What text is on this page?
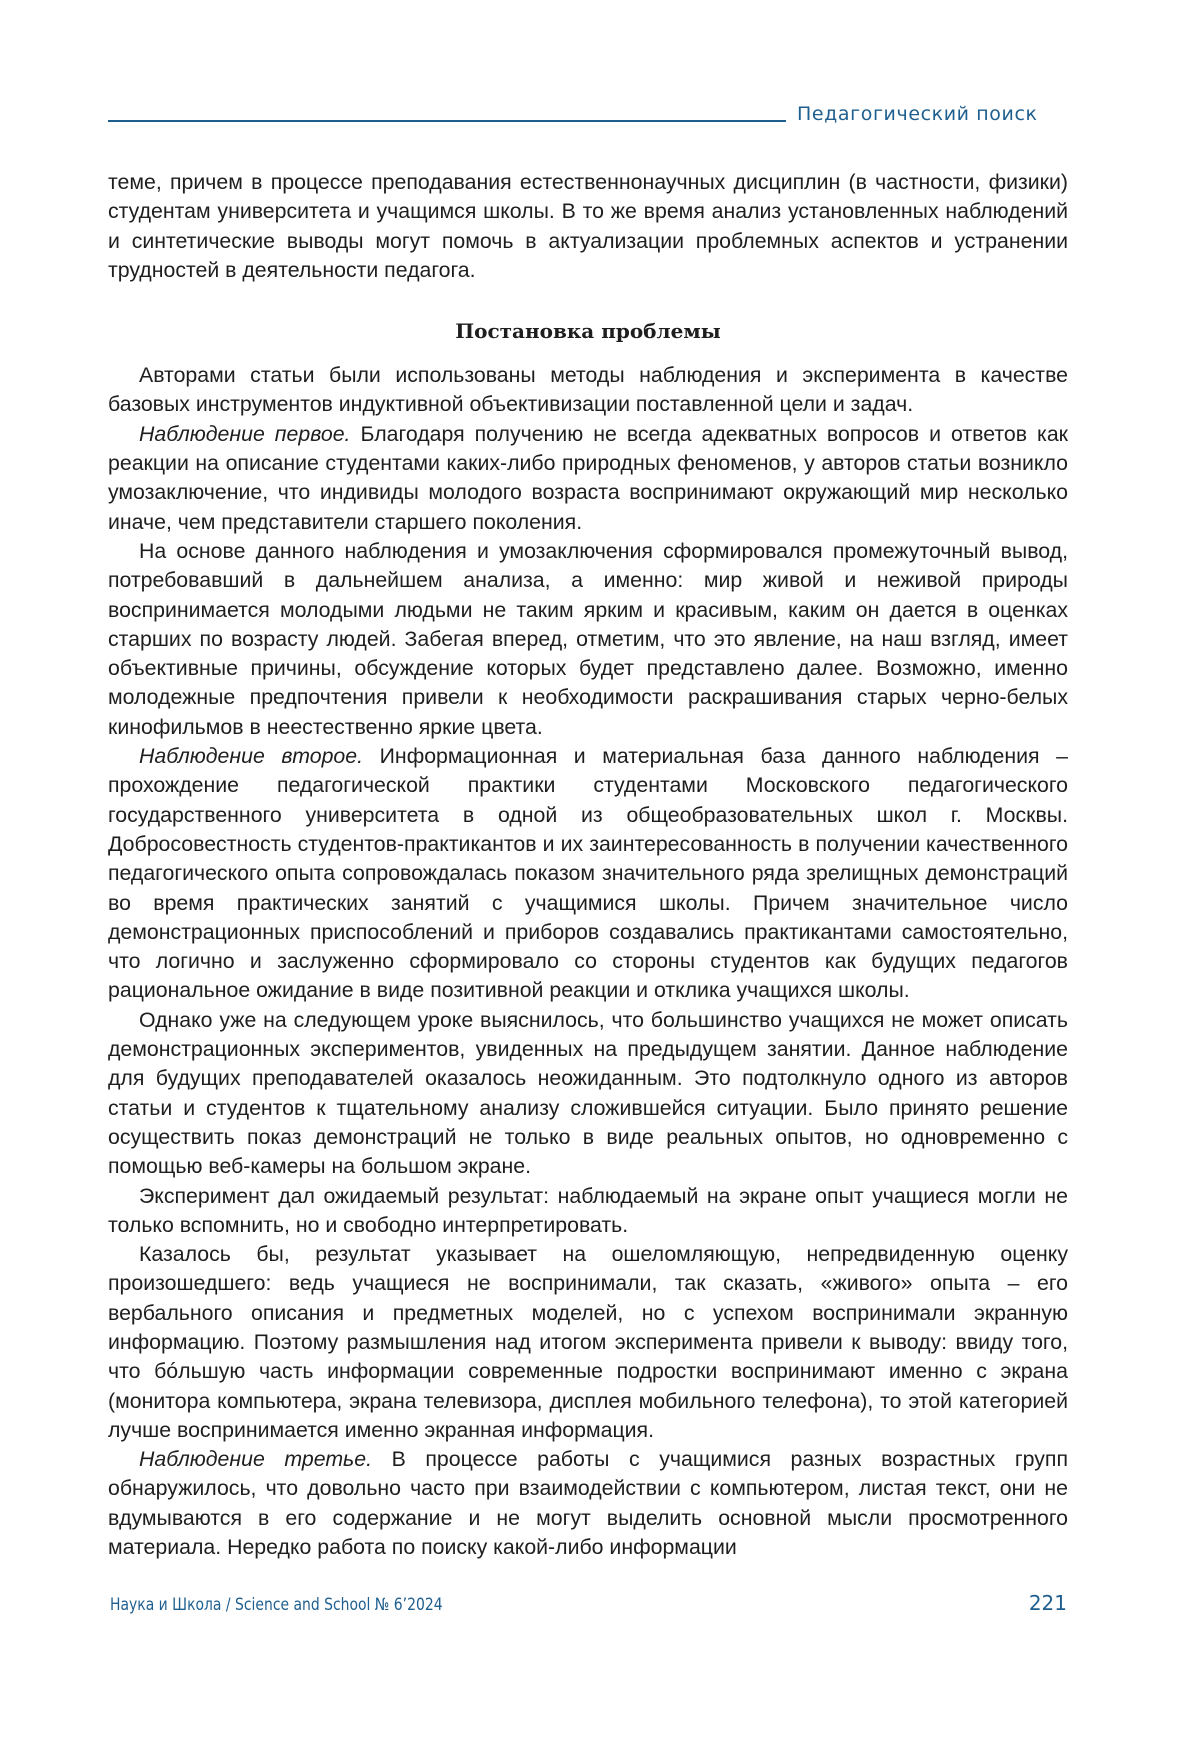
Педагогический поиск

теме, причем в процессе преподавания естественнонаучных дисциплин (в частности, физики) студентам университета и учащимся школы. В то же время анализ установленных наблюдений и синтетические выводы могут помочь в актуализации проблемных аспектов и устранении трудностей в деятельности педагога.

Постановка проблемы

Авторами статьи были использованы методы наблюдения и эксперимента в качестве базовых инструментов индуктивной объективизации поставленной цели и задач.

Наблюдение первое. Благодаря получению не всегда адекватных вопросов и ответов как реакции на описание студентами каких-либо природных феноменов, у авторов статьи возникло умозаключение, что индивиды молодого возраста воспринимают окружающий мир несколько иначе, чем представители старшего поколения.

На основе данного наблюдения и умозаключения сформировался промежуточный вывод, потребовавший в дальнейшем анализа, а именно: мир живой и неживой природы воспринимается молодыми людьми не таким ярким и красивым, каким он дается в оценках старших по возрасту людей. Забегая вперед, отметим, что это явление, на наш взгляд, имеет объективные причины, обсуждение которых будет представлено далее. Возможно, именно молодежные предпочтения привели к необходимости раскрашивания старых черно-белых кинофильмов в неестественно яркие цвета.

Наблюдение второе. Информационная и материальная база данного наблюдения – прохождение педагогической практики студентами Московского педагогического государственного университета в одной из общеобразовательных школ г. Москвы. Добросовестность студентов-практикантов и их заинтересованность в получении качественного педагогического опыта сопровождалась показом значительного ряда зрелищных демонстраций во время практических занятий с учащимися школы. Причем значительное число демонстрационных приспособлений и приборов создавались практикантами самостоятельно, что логично и заслуженно сформировало со стороны студентов как будущих педагогов рациональное ожидание в виде позитивной реакции и отклика учащихся школы.

Однако уже на следующем уроке выяснилось, что большинство учащихся не может описать демонстрационных экспериментов, увиденных на предыдущем занятии. Данное наблюдение для будущих преподавателей оказалось неожиданным. Это подтолкнуло одного из авторов статьи и студентов к тщательному анализу сложившейся ситуации. Было принято решение осуществить показ демонстраций не только в виде реальных опытов, но одновременно с помощью веб-камеры на большом экране.

Эксперимент дал ожидаемый результат: наблюдаемый на экране опыт учащиеся могли не только вспомнить, но и свободно интерпретировать.

Казалось бы, результат указывает на ошеломляющую, непредвиденную оценку произошедшего: ведь учащиеся не воспринимали, так сказать, «живого» опыта – его вербального описания и предметных моделей, но с успехом воспринимали экранную информацию. Поэтому размышления над итогом эксперимента привели к выводу: ввиду того, что бóльшую часть информации современные подростки воспринимают именно с экрана (монитора компьютера, экрана телевизора, дисплея мобильного телефона), то этой категорией лучше воспринимается именно экранная информация.

Наблюдение третье. В процессе работы с учащимися разных возрастных групп обнаружилось, что довольно часто при взаимодействии с компьютером, листая текст, они не вдумываются в его содержание и не могут выделить основной мысли просмотренного материала. Нередко работа по поиску какой-либо информации

Наука и Школа / Science and School № 6’2024	221
